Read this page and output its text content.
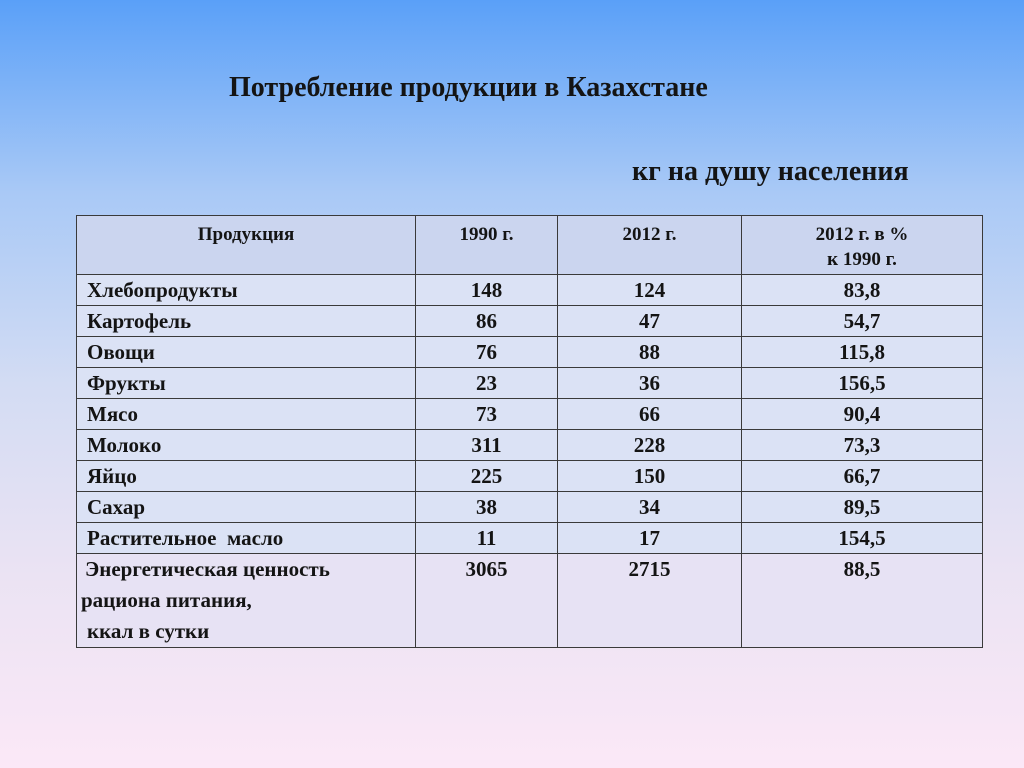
Потребление продукции в Казахстане
кг на душу населения
Продукция	1990 г.	2012 г.	2012 г. в %
к 1990 г.

Хлебопродукты	148	124	83,8
Картофель	86	47	54,7
Овощи	76	88	115,8
Фрукты	23	36	156,5
Мясо	73	66	90,4
Молоко	311	228	73,3
Яйцо	225	150	66,7
Сахар	38	34	89,5
Растительное  масло	11	17	154,5

Энергетическая ценность
рациона питания,
ккал в сутки	3065	2715	88,5
